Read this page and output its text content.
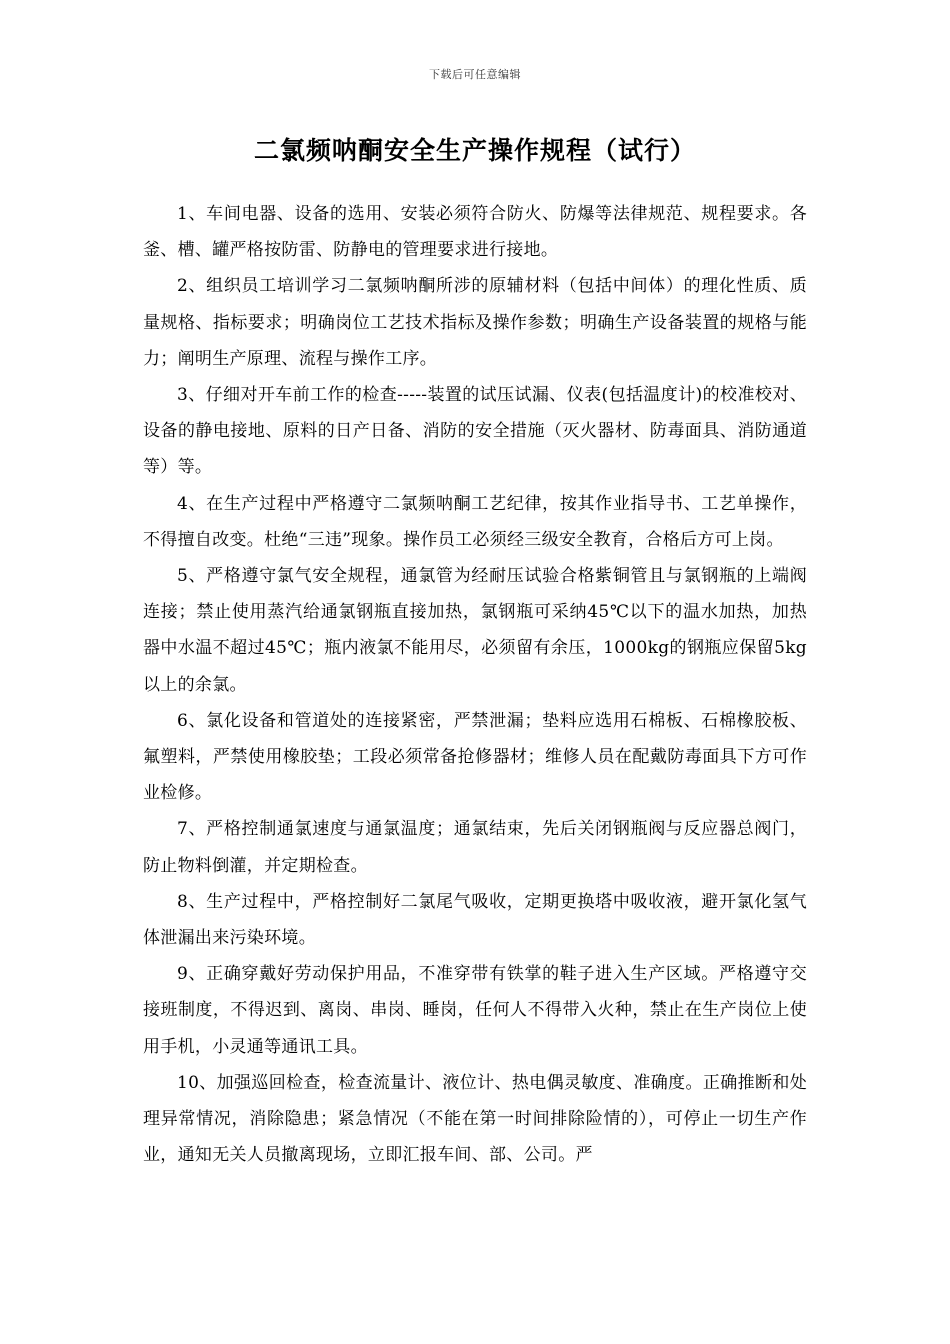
下载后可任意编辑
二氯频呐酮安全生产操作规程（试行）

1、车间电器、设备的选用、安装必须符合防火、防爆等法律规范、规程要求。各釜、槽、罐严格按防雷、防静电的管理要求进行接地。

2、组织员工培训学习二氯频呐酮所涉的原辅材料（包括中间体）的理化性质、质量规格、指标要求；明确岗位工艺技术指标及操作参数；明确生产设备装置的规格与能力；阐明生产原理、流程与操作工序。

3、仔细对开车前工作的检查-----装置的试压试漏、仪表(包括温度计)的校准校对、设备的静电接地、原料的日产日备、消防的安全措施（灭火器材、防毒面具、消防通道等）等。

4、在生产过程中严格遵守二氯频呐酮工艺纪律，按其作业指导书、工艺单操作，不得擅自改变。杜绝“三违”现象。操作员工必须经三级安全教育，合格后方可上岗。

5、严格遵守氯气安全规程，通氯管为经耐压试验合格紫铜管且与氯钢瓶的上端阀连接；禁止使用蒸汽给通氯钢瓶直接加热，氯钢瓶可采纳45℃以下的温水加热，加热器中水温不超过45℃；瓶内液氯不能用尽，必须留有余压，1000kg的钢瓶应保留5kg以上的余氯。

6、氯化设备和管道处的连接紧密，严禁泄漏；垫料应选用石棉板、石棉橡胶板、氟塑料，严禁使用橡胶垫；工段必须常备抢修器材；维修人员在配戴防毒面具下方可作业检修。

7、严格控制通氯速度与通氯温度；通氯结束，先后关闭钢瓶阀与反应器总阀门，防止物料倒灌，并定期检查。

8、生产过程中，严格控制好二氯尾气吸收，定期更换塔中吸收液，避开氯化氢气体泄漏出来污染环境。

9、正确穿戴好劳动保护用品，不准穿带有铁掌的鞋子进入生产区域。严格遵守交接班制度，不得迟到、离岗、串岗、睡岗，任何人不得带入火种，禁止在生产岗位上使用手机，小灵通等通讯工具。

10、加强巡回检查，检查流量计、液位计、热电偶灵敏度、准确度。正确推断和处理异常情况，消除隐患；紧急情况（不能在第一时间排除险情的），可停止一切生产作业，通知无关人员撤离现场，立即汇报车间、部、公司。严
